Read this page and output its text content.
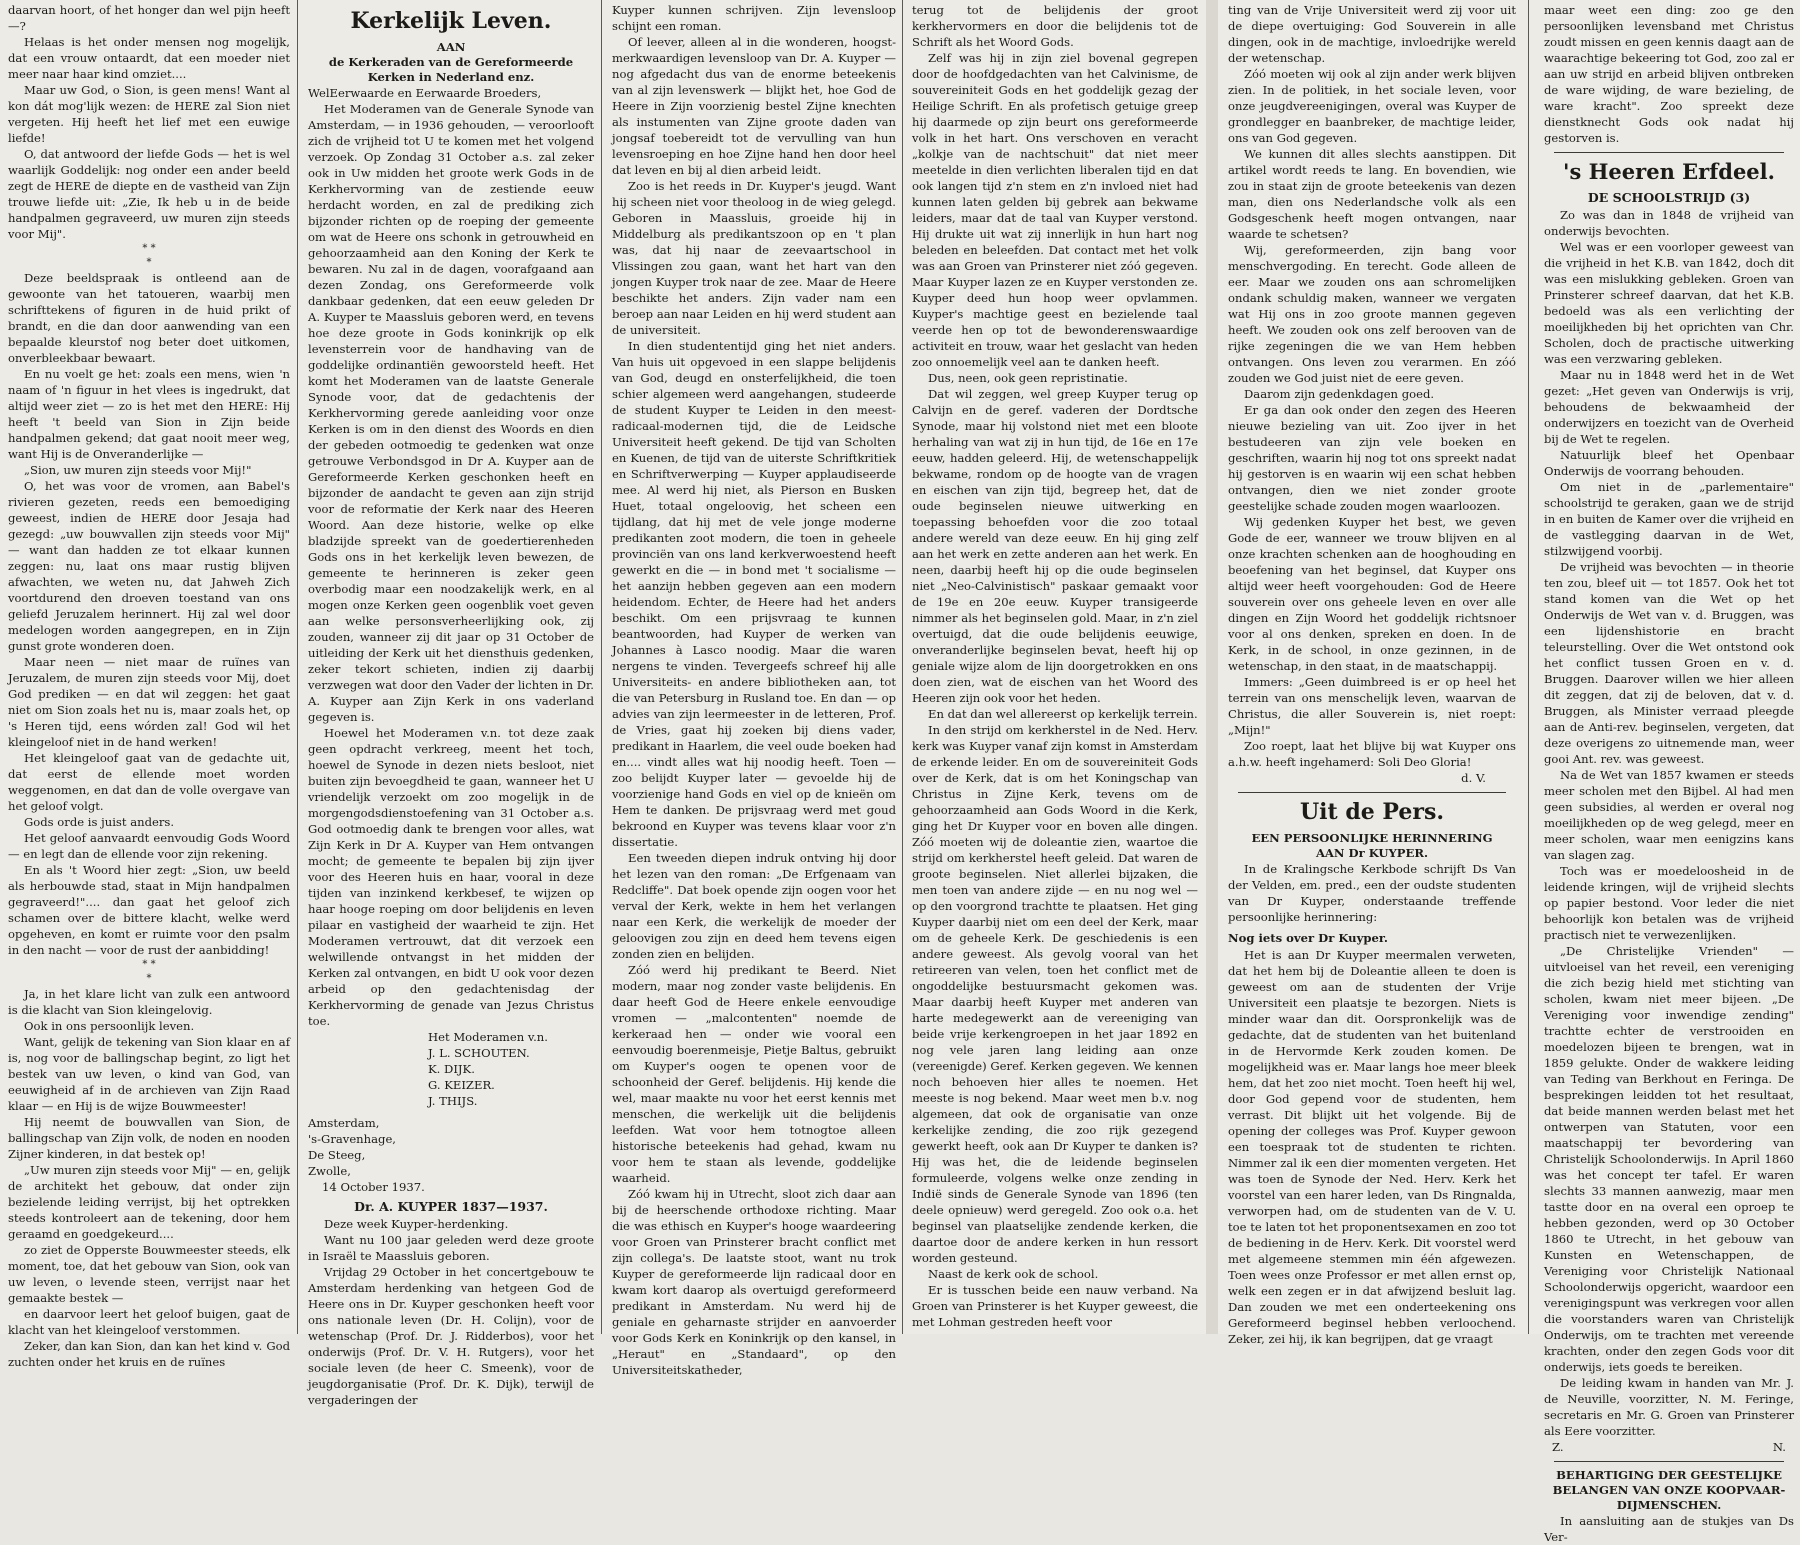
daarvan hoort, of het honger dan wel pijn heeft —?

Helaas is het onder mensen nog mogelijk, dat een vrouw ontaardt, dat een moeder niet meer naar haar kind omziet....

Maar uw God, o Sion, is geen mens! Want al kon dát mog'lijk wezen: de HERE zal Sion niet vergeten. Hij heeft het lief met een euwige liefde!

O, dat antwoord der liefde Gods — het is wel waarlijk Goddelijk: nog onder een ander beeld zegt de HERE de diepte en de vastheid van Zijn trouwe liefde uit: „Zie, Ik heb u in de beide handpalmen gegraveerd, uw muren zijn steeds voor Mij".

* *
*

Deze beeldspraak is ontleend aan de gewoonte van het tatoueren, waarbij men schrifttekens of figuren in de huid prikt of brandt, en die dan door aanwending van een bepaalde kleurstof nog beter doet uitkomen, onverbleekbaar bewaart.

En nu voelt ge het: zoals een mens, wien 'n naam of 'n figuur in het vlees is ingedrukt, dat altijd weer ziet — zo is het met den HERE: Hij heeft 't beeld van Sion in Zijn beide handpalmen gekend; dat gaat nooit meer weg, want Hij is de Onveranderlijke —

„Sion, uw muren zijn steeds voor Mij!"

O, het was voor de vromen, aan Babel's rivieren gezeten, reeds een bemoediging geweest, indien de HERE door Jesaja had gezegd: „uw bouwvallen zijn steeds voor Mij" — want dan hadden ze tot elkaar kunnen zeggen: nu, laat ons maar rustig blijven afwachten, we weten nu, dat Jahweh Zich voortdurend den droeven toestand van ons geliefd Jeruzalem herinnert. Hij zal wel door medelogen worden aangegrepen, en in Zijn gunst grote wonderen doen.

Maar neen — niet maar de ruïnes van Jeruzalem, de muren zijn steeds voor Mij, doet God prediken — en dat wil zeggen: het gaat niet om Sion zoals het nu is, maar zoals het, op 's Heren tijd, eens wórden zal! God wil het kleingeloof niet in de hand werken!

Het kleingeloof gaat van de gedachte uit, dat eerst de ellende moet worden weggenomen, en dat dan de volle overgave van het geloof volgt.

Gods orde is juist anders.

Het geloof aanvaardt eenvoudig Gods Woord — en legt dan de ellende voor zijn rekening.

En als 't Woord hier zegt: „Sion, uw beeld als herbouwde stad, staat in Mijn handpalmen gegraveerd!".... dan gaat het geloof zich schamen over de bittere klacht, welke werd opgeheven, en komt er ruimte voor den psalm in den nacht — voor de rust der aanbidding!

* *
*

Ja, in het klare licht van zulk een antwoord is die klacht van Sion kleingelovig.

Ook in ons persoonlijk leven.

Want, gelijk de tekening van Sion klaar en af is, nog voor de ballingschap begint, zo ligt het bestek van uw leven, o kind van God, van eeuwigheid af in de archieven van Zijn Raad klaar — en Hij is de wijze Bouwmeester!

Hij neemt de bouwvallen van Sion, de ballingschap van Zijn volk, de noden en nooden Zijner kinderen, in dat bestek op!

„Uw muren zijn steeds voor Mij" — en, gelijk de architekt het gebouw, dat onder zijn bezielende leiding verrijst, bij het optrekken steeds kontroleert aan de tekening, door hem geraamd en goedgekeurd....

zo ziet de Opperste Bouwmeester steeds, elk moment, toe, dat het gebouw van Sion, ook van uw leven, o levende steen, verrijst naar het gemaakte bestek —

en daarvoor leert het geloof buigen, gaat de klacht van het kleingeloof verstommen.

Zeker, dan kan Sion, dan kan het kind v. God zuchten onder het kruis en de ruïnes

Kerkelijk Leven.
AAN
de Kerkeraden van de Gereformeerde
Kerken in Nederland enz.

WelEerwaarde en Eerwaarde Broeders,

Het Moderamen van de Generale Synode van Amsterdam, — in 1936 gehouden, — veroorlooft zich de vrijheid tot U te komen met het volgend verzoek. Op Zondag 31 October a.s. zal zeker ook in Uw midden het groote werk Gods in de Kerkhervorming van de zestiende eeuw herdacht worden, en zal de prediking zich bijzonder richten op de roeping der gemeente om wat de Heere ons schonk in getrouwheid en gehoorzaamheid aan den Koning der Kerk te bewaren. Nu zal in de dagen, voorafgaand aan dezen Zondag, ons Gereformeerde volk dankbaar gedenken, dat een eeuw geleden Dr A. Kuyper te Maassluis geboren werd, en tevens hoe deze groote in Gods koninkrijk op elk levensterrein voor de handhaving van de goddelijke ordinantiën gewoorsteld heeft. Het komt het Moderamen van de laatste Generale Synode voor, dat de gedachtenis der Kerkhervorming gerede aanleiding voor onze Kerken is om in den dienst des Woords en dien der gebeden ootmoedig te gedenken wat onze getrouwe Verbondsgod in Dr A. Kuyper aan de Gereformeerde Kerken geschonken heeft en bijzonder de aandacht te geven aan zijn strijd voor de reformatie der Kerk naar des Heeren Woord. Aan deze historie, welke op elke bladzijde spreekt van de goedertierenheden Gods ons in het kerkelijk leven bewezen, de gemeente te herinneren is zeker geen overbodig maar een noodzakelijk werk, en al mogen onze Kerken geen oogenblik voet geven aan welke personsverheerlijking ook, zij zouden, wanneer zij dit jaar op 31 October de uitleiding der Kerk uit het diensthuis gedenken, zeker tekort schieten, indien zij daarbij verzwegen wat door den Vader der lichten in Dr. A. Kuyper aan Zijn Kerk in ons vaderland gegeven is.

Hoewel het Moderamen v.n. tot deze zaak geen opdracht verkreeg, meent het toch, hoewel de Synode in dezen niets besloot, niet buiten zijn bevoegdheid te gaan, wanneer het U vriendelijk verzoekt om zoo mogelijk in de morgengodsdienstoefening van 31 October a.s. God ootmoedig dank te brengen voor alles, wat Zijn Kerk in Dr A. Kuyper van Hem ontvangen mocht; de gemeente te bepalen bij zijn ijver voor des Heeren huis en haar, vooral in deze tijden van inzinkend kerkbesef, te wijzen op haar hooge roeping om door belijdenis en leven pilaar en vastigheid der waarheid te zijn. Het Moderamen vertrouwt, dat dit verzoek een welwillende ontvangst in het midden der Kerken zal ontvangen, en bidt U ook voor dezen arbeid op den gedachtenisdag der Kerkhervorming de genade van Jezus Christus toe.

Het Moderamen v.n.
J. L. SCHOUTEN.
K. DIJK.
G. KEIZER.
J. THIJS.
Amsterdam,
's-Gravenhage,
De Steeg,
Zwolle,
14 October 1937.
Dr. A. KUYPER 1837—1937.

Deze week Kuyper-herdenking.

Want nu 100 jaar geleden werd deze groote in Israël te Maassluis geboren.

Vrijdag 29 October in het concertgebouw te Amsterdam herdenking van hetgeen God de Heere ons in Dr. Kuyper geschonken heeft voor ons nationale leven (Dr. H. Colijn), voor de wetenschap (Prof. Dr. J. Ridderbos), voor het onderwijs (Prof. Dr. V. H. Rutgers), voor het sociale leven (de heer C. Smeenk), voor de jeugdorganisatie (Prof. Dr. K. Dijk), terwijl de vergaderingen der

Kuyper kunnen schrijven. Zijn levensloop schijnt een roman.

Of leever, alleen al in die wonderen, hoogst-merkwaardigen levensloop van Dr. A. Kuyper — nog afgedacht dus van de enorme beteekenis van al zijn levenswerk — blijkt het, hoe God de Heere in Zijn voorzienig bestel Zijne knechten als instumenten van Zijne groote daden van jongsaf toebereidt tot de vervulling van hun levensroeping en hoe Zijne hand hen door heel dat leven en bij al dien arbeid leidt.

Zoo is het reeds in Dr. Kuyper's jeugd. Want hij scheen niet voor theoloog in de wieg gelegd. Geboren in Maassluis, groeide hij in Middelburg als predikantszoon op en 't plan was, dat hij naar de zeevaartschool in Vlissingen zou gaan, want het hart van den jongen Kuyper trok naar de zee. Maar de Heere beschikte het anders. Zijn vader nam een beroep aan naar Leiden en hij werd student aan de universiteit.

In dien studententijd ging het niet anders. Van huis uit opgevoed in een slappe belijdenis van God, deugd en onsterfelijkheid, die toen schier algemeen werd aangehangen, studeerde de student Kuyper te Leiden in den meest-radicaal-modernen tijd, die de Leidsche Universiteit heeft gekend. De tijd van Scholten en Kuenen, de tijd van de uiterste Schriftkritiek en Schriftverwerping — Kuyper applaudiseerde mee. Al werd hij niet, als Pierson en Busken Huet, totaal ongeloovig, het scheen een tijdlang, dat hij met de vele jonge moderne predikanten zoot modern, die toen in geheele provinciën van ons land kerkverwoestend heeft gewerkt en die — in bond met 't socialisme — het aanzijn hebben gegeven aan een modern heidendom. Echter, de Heere had het anders beschikt. Om een prijsvraag te kunnen beantwoorden, had Kuyper de werken van Johannes à Lasco noodig. Maar die waren nergens te vinden. Tevergeefs schreef hij alle Universiteits- en andere bibliotheken aan, tot die van Petersburg in Rusland toe. En dan — op advies van zijn leermeester in de letteren, Prof. de Vries, gaat hij zoeken bij diens vader, predikant in Haarlem, die veel oude boeken had en.... vindt alles wat hij noodig heeft. Toen — zoo belijdt Kuyper later — gevoelde hij de voorzienige hand Gods en viel op de knieën om Hem te danken. De prijsvraag werd met goud bekroond en Kuyper was tevens klaar voor z'n dissertatie.

Een tweeden diepen indruk ontving hij door het lezen van den roman: „De Erfgenaam van Redcliffe". Dat boek opende zijn oogen voor het verval der Kerk, wekte in hem het verlangen naar een Kerk, die werkelijk de moeder der geloovigen zou zijn en deed hem tevens eigen zonden zien en belijden.

Zóó werd hij predikant te Beerd. Niet modern, maar nog zonder vaste belijdenis. En daar heeft God de Heere enkele eenvoudige vromen — „malcontenten" noemde de kerkeraad hen — onder wie vooral een eenvoudig boerenmeisje, Pietje Baltus, gebruikt om Kuyper's oogen te openen voor de schoonheid der Geref. belijdenis. Hij kende die wel, maar maakte nu voor het eerst kennis met menschen, die werkelijk uit die belijdenis leefden. Wat voor hem totnogtoe alleen historische beteekenis had gehad, kwam nu voor hem te staan als levende, goddelijke waarheid.

Zóó kwam hij in Utrecht, sloot zich daar aan bij de heerschende orthodoxe richting. Maar die was ethisch en Kuyper's hooge waardeering voor Groen van Prinsterer bracht conflict met zijn collega's. De laatste stoot, want nu trok Kuyper de gereformeerde lijn radicaal door en kwam kort daarop als overtuigd gereformeerd predikant in Amsterdam. Nu werd hij de geniale en geharnaste strijder en aanvoerder voor Gods Kerk en Koninkrijk op den kansel, in „Heraut" en „Standaard", op den Universiteitskatheder,

terug tot de belijdenis der groot kerkhervormers en door die belijdenis tot de Schrift als het Woord Gods.

Zelf was hij in zijn ziel bovenal gegrepen door de hoofdgedachten van het Calvinisme, de souvereiniteit Gods en het goddelijk gezag der Heilige Schrift. En als profetisch getuige greep hij daarmede op zijn beurt ons gereformeerde volk in het hart. Ons verschoven en veracht „kolkje van de nachtschuit" dat niet meer meetelde in dien verlichten liberalen tijd en dat ook langen tijd z'n stem en z'n invloed niet had kunnen laten gelden bij gebrek aan bekwame leiders, maar dat de taal van Kuyper verstond. Hij drukte uit wat zij innerlijk in hun hart nog beleden en beleefden. Dat contact met het volk was aan Groen van Prinsterer niet zóó gegeven. Maar Kuyper lazen ze en Kuyper verstonden ze. Kuyper deed hun hoop weer opvlammen. Kuyper's machtige geest en bezielende taal veerde hen op tot de bewonderenswaardige activiteit en trouw, waar het geslacht van heden zoo onnoemelijk veel aan te danken heeft.

Dus, neen, ook geen repristinatie.

Dat wil zeggen, wel greep Kuyper terug op Calvijn en de geref. vaderen der Dordtsche Synode, maar hij volstond niet met een bloote herhaling van wat zij in hun tijd, de 16e en 17e eeuw, hadden geleerd. Hij, de wetenschappelijk bekwame, rondom op de hoogte van de vragen en eischen van zijn tijd, begreep het, dat de oude beginselen nieuwe uitwerking en toepassing behoefden voor die zoo totaal andere wereld van deze eeuw. En hij ging zelf aan het werk en zette anderen aan het werk. En neen, daarbij heeft hij op die oude beginselen niet „Neo-Calvinistisch" paskaar gemaakt voor de 19e en 20e eeuw. Kuyper transigeerde nimmer als het beginselen gold. Maar, in z'n ziel overtuigd, dat die oude belijdenis eeuwige, onveranderlijke beginselen bevat, heeft hij op geniale wijze alom de lijn doorgetrokken en ons doen zien, wat de eischen van het Woord des Heeren zijn ook voor het heden.

En dat dan wel allereerst op kerkelijk terrein.

In den strijd om kerkherstel in de Ned. Herv. kerk was Kuyper vanaf zijn komst in Amsterdam de erkende leider. En om de souvereiniteit Gods over de Kerk, dat is om het Koningschap van Christus in Zijne Kerk, tevens om de gehoorzaamheid aan Gods Woord in die Kerk, ging het Dr Kuyper voor en boven alle dingen. Zóó moeten wij de doleantie zien, waartoe die strijd om kerkherstel heeft geleid. Dat waren de groote beginselen. Niet allerlei bijzaken, die men toen van andere zijde — en nu nog wel — op den voorgrond trachtte te plaatsen. Het ging Kuyper daarbij niet om een deel der Kerk, maar om de geheele Kerk. De geschiedenis is een andere geweest. Als gevolg vooral van het retireeren van velen, toen het conflict met de ongoddelijke bestuursmacht gekomen was. Maar daarbij heeft Kuyper met anderen van harte medegewerkt aan de vereeniging van beide vrije kerkengroepen in het jaar 1892 en nog vele jaren lang leiding aan onze (vereenigde) Geref. Kerken gegeven. We kennen noch behoeven hier alles te noemen. Het meeste is nog bekend. Maar weet men b.v. nog algemeen, dat ook de organisatie van onze kerkelijke zending, die zoo rijk gezegend gewerkt heeft, ook aan Dr Kuyper te danken is? Hij was het, die de leidende beginselen formuleerde, volgens welke onze zending in Indië sinds de Generale Synode van 1896 (ten deele opnieuw) werd geregeld. Zoo ook o.a. het beginsel van plaatselijke zendende kerken, die daartoe door de andere kerken in hun ressort worden gesteund.

Naast de kerk ook de school.

Er is tusschen beide een nauw verband. Na Groen van Prinsterer is het Kuyper geweest, die met Lohman gestreden heeft voor

ting van de Vrije Universiteit werd zij voor uit de diepe overtuiging: God Souverein in alle dingen, ook in de machtige, invloedrijke wereld der wetenschap.

Zóó moeten wij ook al zijn ander werk blijven zien. In de politiek, in het sociale leven, voor onze jeugdvereenigingen, overal was Kuyper de grondlegger en baanbreker, de machtige leider, ons van God gegeven.

We kunnen dit alles slechts aanstippen. Dit artikel wordt reeds te lang. En bovendien, wie zou in staat zijn de groote beteekenis van dezen man, dien ons Nederlandsche volk als een Godsgeschenk heeft mogen ontvangen, naar waarde te schetsen?

Wij, gereformeerden, zijn bang voor menschvergoding. En terecht. Gode alleen de eer. Maar we zouden ons aan schromelijken ondank schuldig maken, wanneer we vergaten wat Hij ons in zoo groote mannen gegeven heeft. We zouden ook ons zelf berooven van de rijke zegeningen die we van Hem hebben ontvangen. Ons leven zou verarmen. En zóó zouden we God juist niet de eere geven.

Daarom zijn gedenkdagen goed.

Er ga dan ook onder den zegen des Heeren nieuwe bezieling van uit. Zoo ijver in het bestudeeren van zijn vele boeken en geschriften, waarin hij nog tot ons spreekt nadat hij gestorven is en waarin wij een schat hebben ontvangen, dien we niet zonder groote geestelijke schade zouden mogen waarloozen.

Wij gedenken Kuyper het best, we geven Gode de eer, wanneer we trouw blijven en al onze krachten schenken aan de hooghouding en beoefening van het beginsel, dat Kuyper ons altijd weer heeft voorgehouden: God de Heere souverein over ons geheele leven en over alle dingen en Zijn Woord het goddelijk richtsnoer voor al ons denken, spreken en doen. In de Kerk, in de school, in onze gezinnen, in de wetenschap, in den staat, in de maatschappij.

Immers: „Geen duimbreed is er op heel het terrein van ons menschelijk leven, waarvan de Christus, die aller Souverein is, niet roept: „Mijn!"

Zoo roept, laat het blijve bij wat Kuyper ons a.h.w. heeft ingehamerd: Soli Deo Gloria!

d. V.
Uit de Pers.
EEN PERSOONLIJKE HERINNERING
AAN Dr KUYPER.

In de Kralingsche Kerkbode schrijft Ds Van der Velden, em. pred., een der oudste studenten van Dr Kuyper, onderstaande treffende persoonlijke herinnering:

Nog iets over Dr Kuyper.

Het is aan Dr Kuyper meermalen verweten, dat het hem bij de Doleantie alleen te doen is geweest om aan de studenten der Vrije Universiteit een plaatsje te bezorgen. Niets is minder waar dan dit. Oorspronkelijk was de gedachte, dat de studenten van het buitenland in de Hervormde Kerk zouden komen. De mogelijkheid was er. Maar langs hoe meer bleek hem, dat het zoo niet mocht. Toen heeft hij wel, door God gepend voor de studenten, hem verrast. Dit blijkt uit het volgende. Bij de opening der colleges was Prof. Kuyper gewoon een toespraak tot de studenten te richten. Nimmer zal ik een dier momenten vergeten. Het was toen de Synode der Ned. Herv. Kerk het voorstel van een harer leden, van Ds Ringnalda, verworpen had, om de studenten van de V. U. toe te laten tot het proponentsexamen en zoo tot de bediening in de Herv. Kerk. Dit voorstel werd met algemeene stemmen min één afgewezen. Toen wees onze Professor er met allen ernst op, welk een zegen er in dat afwijzend besluit lag. Dan zouden we met een onderteekening ons Gereformeerd beginsel hebben verloochend. Zeker, zei hij, ik kan begrijpen, dat ge vraagt

maar weet een ding: zoo ge den persoonlijken levensband met Christus zoudt missen en geen kennis daagt aan de waarachtige bekeering tot God, zoo zal er aan uw strijd en arbeid blijven ontbreken de ware wijding, de ware bezieling, de ware kracht". Zoo spreekt deze dienstknecht Gods ook nadat hij gestorven is.

's Heeren Erfdeel.
DE SCHOOLSTRIJD (3)

Zo was dan in 1848 de vrijheid van onderwijs bevochten.

Wel was er een voorloper geweest van die vrijheid in het K.B. van 1842, doch dit was een mislukking gebleken. Groen van Prinsterer schreef daarvan, dat het K.B. bedoeld was als een verlichting der moeilijkheden bij het oprichten van Chr. Scholen, doch de practische uitwerking was een verzwaring gebleken.

Maar nu in 1848 werd het in de Wet gezet: „Het geven van Onderwijs is vrij, behoudens de bekwaamheid der onderwijzers en toezicht van de Overheid bij de Wet te regelen.

Natuurlijk bleef het Openbaar Onderwijs de voorrang behouden.

Om niet in de „parlementaire" schoolstrijd te geraken, gaan we de strijd in en buiten de Kamer over die vrijheid en de vastlegging daarvan in de Wet, stilzwijgend voorbij.

De vrijheid was bevochten — in theorie ten zou, bleef uit — tot 1857. Ook het tot stand komen van die Wet op het Onderwijs de Wet van v. d. Bruggen, was een lijdenshistorie en bracht teleurstelling. Over die Wet ontstond ook het conflict tussen Groen en v. d. Bruggen. Daarover willen we hier alleen dit zeggen, dat zij de beloven, dat v. d. Bruggen, als Minister verraad pleegde aan de Anti-rev. beginselen, vergeten, dat deze overigens zo uitnemende man, weer gooi Ant. rev. was geweest.

Na de Wet van 1857 kwamen er steeds meer scholen met den Bijbel. Al had men geen subsidies, al werden er overal nog moeilijkheden op de weg gelegd, meer en meer scholen, waar men eenigzins kans van slagen zag.

Toch was er moedeloosheid in de leidende kringen, wijl de vrijheid slechts op papier bestond. Voor leder die niet behoorlijk kon betalen was de vrijheid practisch niet te verwezenlijken.

„De Christelijke Vrienden" — uitvloeisel van het reveil, een vereniging die zich bezig hield met stichting van scholen, kwam niet meer bijeen. „De Vereniging voor inwendige zending" trachtte echter de verstrooiden en moedelozen bijeen te brengen, wat in 1859 gelukte. Onder de wakkere leiding van Teding van Berkhout en Feringa. De besprekingen leidden tot het resultaat, dat beide mannen werden belast met het ontwerpen van Statuten, voor een maatschappij ter bevordering van Christelijk Schoolonderwijs. In April 1860 was het concept ter tafel. Er waren slechts 33 mannen aanwezig, maar men tastte door en na overal een oproep te hebben gezonden, werd op 30 October 1860 te Utrecht, in het gebouw van Kunsten en Wetenschappen, de Vereniging voor Christelijk Nationaal Schoolonderwijs opgericht, waardoor een verenigingspunt was verkregen voor allen die voorstanders waren van Christelijk Onderwijs, om te trachten met vereende krachten, onder den zegen Gods voor dit onderwijs, iets goeds te bereiken.

De leiding kwam in handen van Mr. J. de Neuville, voorzitter, N. M. Feringe, secretaris en Mr. G. Groen van Prinsterer als Eere voorzitter.

Z.	N.
BEHARTIGING DER GEESTELIJKE
BELANGEN VAN ONZE KOOPVAAR-
DIJMENSCHEN.

In aansluiting aan de stukjes van Ds Ver-
